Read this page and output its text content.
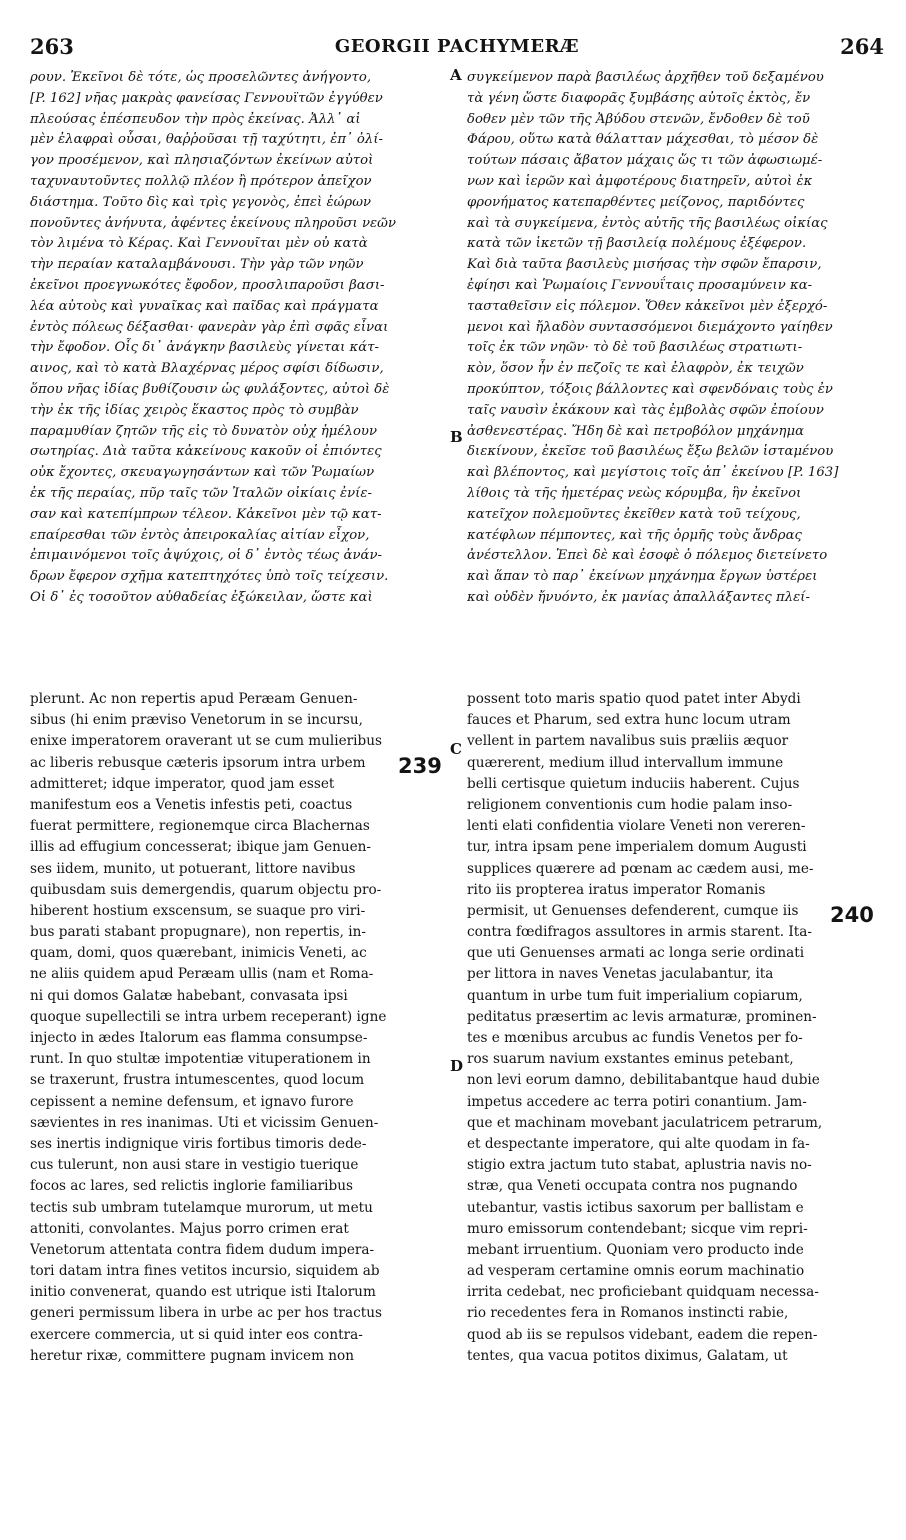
263	GEORGII PACHYMERÆ	264
ρουν. Ἐκεῖνοι δὲ τότε, ὡς προσελῶντες ἀνήγοντο,
[P. 162] νῆας μακρὰς φανείσας Γεννουϊτῶν ἐγγύθεν
πλεούσας ἐπέσπευδον τὴν πρὸς ἐκείνας. Ἀλλ᾽ αἱ
μὲν ἐλαφραὶ οὖσαι, θαῤῥοῦσαι τῇ ταχύτητι, ἐπ᾽ ὀλί-
γον προσέμενον, καὶ πλησιαζόντων ἐκείνων αὐτοὶ
ταχυναυτοῦντες πολλῷ πλέον ἢ πρότερον ἀπεῖχον
διάστημα. Τοῦτο δὶς καὶ τρὶς γεγονὸς, ἐπεὶ ἑώρων
πονοῦντες ἀνήνυτα, ἀφέντες ἐκείνους πληροῦσι νεῶν
τὸν λιμένα τὸ Κέρας. Καὶ Γεννουῖται μὲν οὐ κατὰ
τὴν περαίαν καταλαμβάνουσι. Τὴν γὰρ τῶν νηῶν
ἐκεῖνοι προεγνωκότες ἔφοδον, προσλιπαροῦσι βασι-
λέα αὐτοὺς καὶ γυναῖκας καὶ παῖδας καὶ πράγματα
ἐντὸς πόλεως δέξασθαι· φανερὰν γὰρ ἐπὶ σφᾶς εἶναι
τὴν ἔφοδον. Οἷς δι᾽ ἀνάγκην βασιλεὺς γίνεται κάτ-
αινος, καὶ τὸ κατὰ Βλαχέρνας μέρος σφίσι δίδωσιν,
ὅπου νῆας ἰδίας βυθίζουσιν ὡς φυλάξοντες, αὐτοὶ δὲ
τὴν ἐκ τῆς ἰδίας χειρὸς ἕκαστος πρὸς τὸ συμβὰν
παραμυθίαν ζητῶν τῆς εἰς τὸ δυνατὸν οὐχ ἡμέλουν
σωτηρίας. Διὰ ταῦτα κἀκείνους κακοῦν οἱ ἐπιόντες
οὐκ ἔχοντες, σκευαγωγησάντων καὶ τῶν Ῥωμαίων
ἐκ τῆς περαίας, πῦρ ταῖς τῶν Ἰταλῶν οἰκίαις ἐνίε-
σαν καὶ κατεπίμπρων τέλεον. Κἀκεῖνοι μὲν τῷ κατ-
επαίρεσθαι τῶν ἐντὸς ἀπειροκαλίας αἰτίαν εἶχον,
ἐπιμαινόμενοι τοῖς ἀψύχοις, οἱ δ᾽ ἐντὸς τέως ἀνάν-
δρων ἔφερον σχῆμα κατεπτηχότες ὑπὸ τοῖς τείχεσιν.
Οἱ δ᾽ ἐς τοσοῦτον αὐθαδείας ἐξώκειλαν, ὥστε καὶ
συγκείμενον παρὰ βασιλέως ἀρχῆθεν τοῦ δεξαμένου
τὰ γένη ὥστε διαφορᾶς ξυμβάσης αὐτοῖς ἐκτὸς, ἔν
δοθεν μὲν τῶν τῆς Ἀβύδου στενῶν, ἔνδοθεν δὲ τοῦ
Φάρου, οὕτω κατὰ θάλατταν μάχεσθαι, τὸ μέσον δὲ
τούτων πάσαις ἄβατον μάχαις ὥς τι τῶν ἀφωσιωμέ-
νων καὶ ἱερῶν καὶ ἀμφοτέρους διατηρεῖν, αὐτοὶ ἐκ
φρονήματος κατεπαρθέντες μείζονος, παριδόντες
καὶ τὰ συγκείμενα, ἐντὸς αὐτῆς τῆς βασιλέως οἰκίας
κατὰ τῶν ἱκετῶν τῇ βασιλείᾳ πολέμους ἐξέφερον.
Καὶ διὰ ταῦτα βασιλεὺς μισήσας τὴν σφῶν ἔπαρσιν,
ἐφίησι καὶ Ῥωμαίοις Γεννουΐταις προσαμύνειν κα-
τασταθεῖσιν εἰς πόλεμον. Ὅθεν κἀκεῖνοι μὲν ἐξερχό-
μενοι καὶ ἤλαδὸν συντασσόμενοι διεμάχοντο γαίηθεν
τοῖς ἐκ τῶν νηῶν· τὸ δὲ τοῦ βασιλέως στρατιωτι-
κὸν, ὅσον ἦν ἐν πεζοῖς τε καὶ ἐλαφρὸν, ἐκ τειχῶν
προκύπτον, τόξοις βάλλοντες καὶ σφενδόναις τοὺς ἐν
ταῖς ναυσὶν ἐκάκουν καὶ τὰς ἐμβολὰς σφῶν ἐποίουν
ἀσθενεστέρας. Ἤδη δὲ καὶ πετροβόλον μηχάνημα
διεκίνουν, ἐκεῖσε τοῦ βασιλέως ἔξω βελῶν ἱσταμένου
καὶ βλέποντος, καὶ μεγίστοις τοῖς ἀπ᾽ ἐκείνου [P. 163]
λίθοις τὰ τῆς ἡμετέρας νεὼς κόρυμβα, ἣν ἐκεῖνοι
κατεῖχον πολεμοῦντες ἐκεῖθεν κατὰ τοῦ τείχους,
κατέφλων πέμποντες, καὶ τῆς ὁρμῆς τοὺς ἄνδρας
ἀνέστελλον. Ἐπεὶ δὲ καὶ ἐσοφὲ ὁ πόλεμος διετείνετο
καὶ ἅπαν τὸ παρ᾽ ἐκείνων μηχάνημα ἔργων ὑστέρει
καὶ οὐδὲν ἤνυόντο, ἐκ μανίας ἀπαλλάξαντες πλεί-
plerunt. Ac non repertis apud Peræam Genuen-
sibus (hi enim præviso Venetorum in se incursu,
enixe imperatorem oraverant ut se cum mulieribus
ac liberis rebusque cæteris ipsorum intra urbem
admitteret; idque imperator, quod jam esset
manifestum eos a Venetis infestis peti, coactus
fuerat permittere, regionemque circa Blachernas
illis ad effugium concesserat; ibique jam Genuen-
ses iidem, munito, ut potuerant, littore navibus
quibusdam suis demergendis, quarum objectu pro-
hiberent hostium exscensum, se suaque pro viri-
bus parati stabant propugnare), non repertis, in-
quam, domi, quos quærebant, inimicis Veneti, ac
ne aliis quidem apud Peræam ullis (nam et Roma-
ni qui domos Galatæ habebant, convasata ipsi
quoque supellectili se intra urbem receperant) igne
injecto in ædes Italorum eas flamma consumpse-
runt. In quo stultæ impotentiæ vituperationem in
se traxerunt, frustra intumescentes, quod locum
cepissent a nemine defensum, et ignavo furore
sævientes in res inanimas. Uti et vicissim Genuen-
ses inertis indignique viris fortibus timoris dede-
cus tulerunt, non ausi stare in vestigio tuerique
focos ac lares, sed relictis inglorie familiaribus
tectis sub umbram tutelamque murorum, ut metu
attoniti, convolantes. Majus porro crimen erat
Venetorum attentata contra fidem dudum impera-
tori datam intra fines vetitos incursio, siquidem ab
initio convenerat, quando est utrique isti Italorum
generi permissum libera in urbe ac per hos tractus
exercere commercia, ut si quid inter eos contra-
heretur rixæ, committere pugnam invicem non
possent toto maris spatio quod patet inter Abydi
fauces et Pharum, sed extra hunc locum utram
vellent in partem navalibus suis præliis æquor
quærerent, medium illud intervallum immune
belli certisque quietum induciis haberent. Cujus
religionem conventionis cum hodie palam inso-
lenti elati confidentia violare Veneti non vereren-
tur, intra ipsam pene imperialem domum Augusti
supplices quærere ad pœnam ac cædem ausi, me-
rito iis propterea iratus imperator Romanis
permisit, ut Genuenses defenderent, cumque iis
contra fœdifragos assultores in armis starent. Ita-
que uti Genuenses armati ac longa serie ordinati
per littora in naves Venetas jaculabantur, ita
quantum in urbe tum fuit imperialium copiarum,
peditatus præsertim ac levis armaturæ, prominen-
tes e mœnibus arcubus ac fundis Venetos per fo-
ros suarum navium exstantes eminus petebant,
non levi eorum damno, debilitabantque haud dubie
impetus accedere ac terra potiri conantium. Jam-
que et machinam movebant jaculatricem petrarum,
et despectante imperatore, qui alte quodam in fa-
stigio extra jactum tuto stabat, aplustria navis no-
stræ, qua Veneti occupata contra nos pugnando
utebantur, vastis ictibus saxorum per ballistam e
muro emissorum contendebant; sicque vim repri-
mebant irruentium. Quoniam vero producto inde
ad vesperam certamine omnis eorum machinatio
irrita cedebat, nec proficiebant quidquam necessa-
rio recedentes fera in Romanos instincti rabie,
quod ab iis se repulsos videbant, eadem die repen-
tentes, qua vacua potitos diximus, Galatam, ut
A
B
C
D
239
240
